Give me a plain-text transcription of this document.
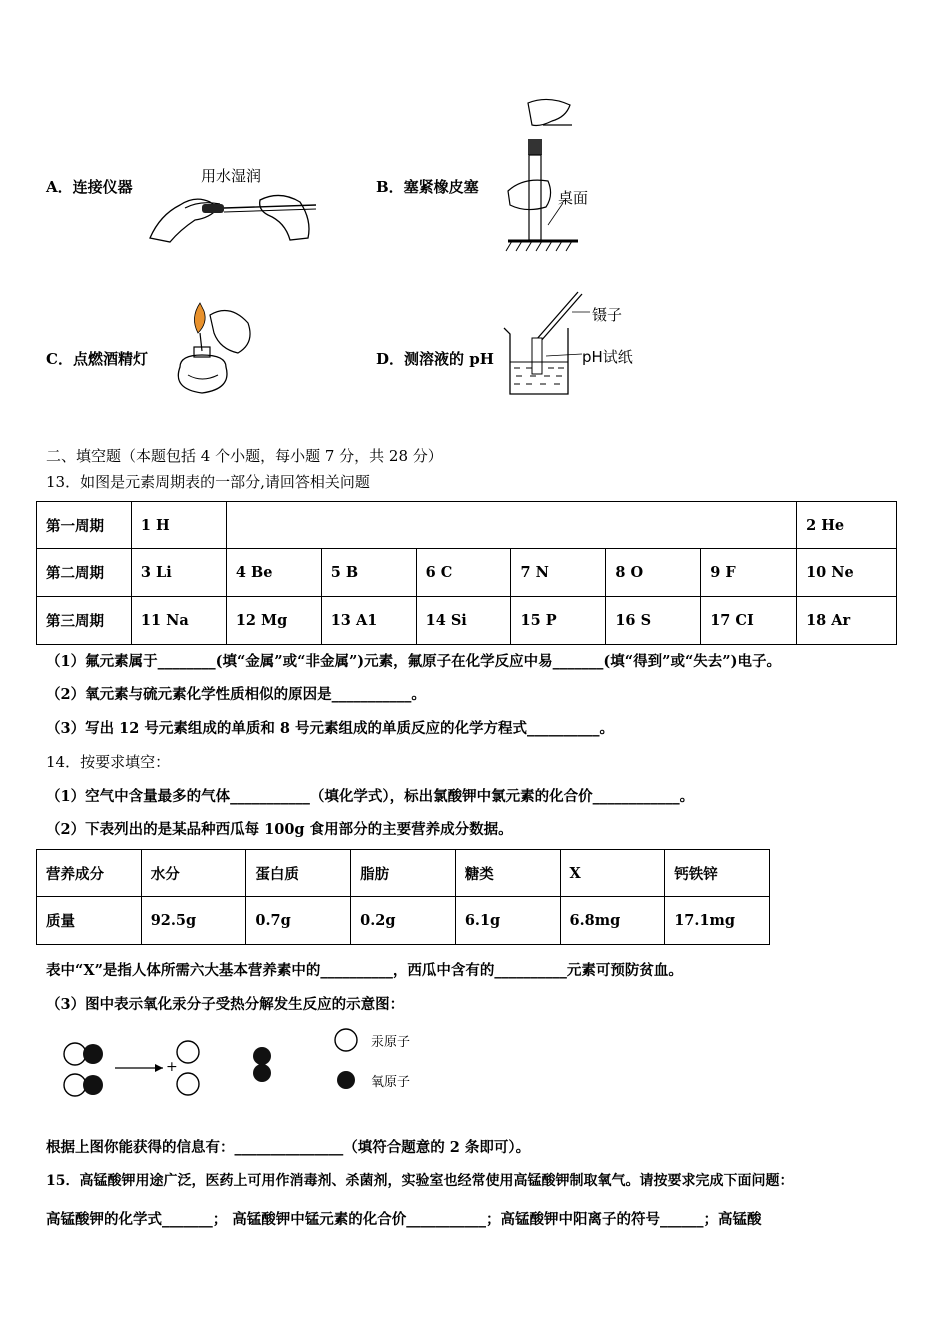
A．连接仪器
用水湿润
B．塞紧橡皮塞
桌面
C．点燃酒精灯	D．测溶液的 pH
镊子
pH试纸
二、填空题（本题包括 4 个小题，每小题 7 分，共 28 分）
13．如图是元素周期表的一部分,请回答相关问题
第一周期	1 H							2 He
第二周期	3 Li	4 Be	5 B	6 C	7 N	8 O	9 F	10 Ne
第三周期	11 Na	12 Mg	13 A1	14 Si	15 P	16 S	17 CI	18 Ar
（1）氟元素属于________(填“金属”或“非金属”)元素，氟原子在化学反应中易_______(填“得到”或“失去”)电子。
（2）氧元素与硫元素化学性质相似的原因是___________。
（3）写出 12 号元素组成的单质和 8 号元素组成的单质反应的化学方程式__________。
14．按要求填空：
（1）空气中含量最多的气体___________（填化学式），标出氯酸钾中氯元素的化合价____________。
（2）下表列出的是某品种西瓜每 100g 食用部分的主要营养成分数据。
营养成分	水分	蛋白质	脂肪	糖类	X	钙铁锌
质量	92.5g	0.7g	0.2g	6.1g	6.8mg	17.1mg
表中“X”是指人体所需六大基本营养素中的__________，西瓜中含有的__________元素可预防贫血。
（3）图中表示氧化汞分子受热分解发生反应的示意图：
+
汞原子
氧原子
根据上图你能获得的信息有：_______________（填符合题意的 2 条即可）。
15．高锰酸钾用途广泛，医药上可用作消毒剂、杀菌剂，实验室也经常使用高锰酸钾制取氧气。请按要求完成下面问题：
高锰酸钾的化学式_______； 高锰酸钾中锰元素的化合价___________；高锰酸钾中阳离子的符号______；高锰酸
